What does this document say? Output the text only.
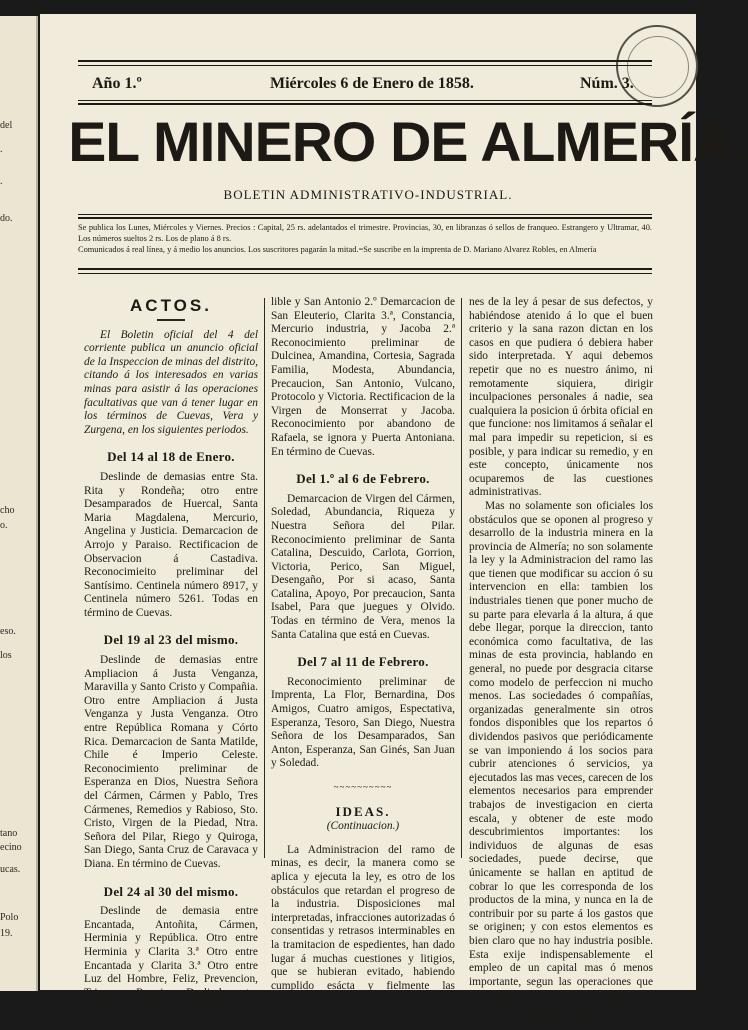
del
.
.
do.
cho
o.
eso.
los
tano
ecino
ucas.
Polo
19.
Año 1.º	Miércoles 6 de Enero de 1858.	Núm. 3.
EL MINERO DE ALMERÍA.
BOLETIN ADMINISTRATIVO-INDUSTRIAL.

Se publica los Lunes, Miércoles y Viernes. Precios : Capital, 25 rs. adelantados el trimestre. Provincias, 30, en libranzas ó sellos de franqueo. Estrangero y Ultramar, 40. Los números sueltos 2 rs. Los de plano á 8 rs.

Comunicados á real línea, y á medio los anuncios. Los suscritores pagarán la mitad.=Se suscribe en la imprenta de D. Mariano Alvarez Robles, en Almería

ACTOS.

El Boletin oficial del 4 del corriente publica un anuncio oficial de la Inspeccion de minas del distrito, citando á los interesados en varias minas para asistir á las operaciones facultativas que van á tener lugar en los términos de Cuevas, Vera y Zurgena, en los siguientes periodos.

Del 14 al 18 de Enero.

Deslinde de demasias entre Sta. Rita y Rondeña; otro entre Desamparados de Huercal, Santa Maria Magdalena, Mercurio, Angelina y Justicia. Demarcacion de Arrojo y Paraiso. Rectificacion de Observacion á Castadiva. Reconocimieito preliminar del Santísimo. Centinela número 8917, y Centinela número 5261. Todas en término de Cuevas.

Del 19 al 23 del mismo.

Deslinde de demasias entre Ampliacion á Justa Venganza, Maravilla y Santo Cristo y Compañia. Otro entre Ampliacion á Justa Venganza y Justa Venganza. Otro entre República Romana y Córto Rica. Demarcacion de Santa Matilde, Chile é Imperio Celeste. Reconocimiento preliminar de Esperanza en Dios, Nuestra Señora del Cármen, Cármen y Pablo, Tres Cármenes, Remedios y Rabioso, Sto. Cristo, Virgen de la Piedad, Ntra. Señora del Pilar, Riego y Quiroga, San Diego, Santa Cruz de Caravaca y Diana. En término de Cuevas.

Del 24 al 30 del mismo.

Deslinde de demasia entre Encantada, Antoñita, Cármen, Herminia y República. Otro entre Herminia y Clarita 3.ª Otro entre Encantada y Clarita 3.ª Otro entre Luz del Hombre, Feliz, Prevencion, Triana y Reunion. Deslinde entre varias minas de la empresa Infa-

lible y San Antonio 2.º Demarcacion de San Eleuterio, Clarita 3.ª, Constancia, Mercurio industria, y Jacoba 2.ª Reconocimiento preliminar de Dulcinea, Amandina, Cortesia, Sagrada Familia, Modesta, Abundancia, Precaucion, San Antonio, Vulcano, Protocolo y Victoria. Rectificacion de la Virgen de Monserrat y Jacoba. Reconocimiento por abandono de Rafaela, se ignora y Puerta Antoniana. En término de Cuevas.

Del 1.º al 6 de Febrero.

Demarcacion de Virgen del Cármen, Soledad, Abundancia, Riqueza y Nuestra Señora del Pilar. Reconocimiento preliminar de Santa Catalina, Descuido, Carlota, Gorrion, Victoria, Perico, San Miguel, Desengaño, Por si acaso, Santa Catalina, Apoyo, Por precaucion, Santa Isabel, Para que juegues y Olvido. Todas en término de Vera, menos la Santa Catalina que está en Cuevas.

Del 7 al 11 de Febrero.

Reconocimiento preliminar de Imprenta, La Flor, Bernardina, Dos Amigos, Cuatro amigos, Espectativa, Esperanza, Tesoro, San Diego, Nuestra Señora de los Desamparados, San Anton, Esperanza, San Ginés, San Juan y Soledad.

~~~~~~~~~~
IDEAS.
(Continuacion.)

La Administracion del ramo de minas, es decir, la manera como se aplica y ejecuta la ley, es otro de los obstáculos que retardan el progreso de la industria. Disposiciones mal interpretadas, infracciones autorizadas ó consentidas y retrasos interminables en la tramitacion de espedientes, han dado lugar á muchas cuestiones y litigios, que se hubieran evitado, habiendo cumplido esácta y fielmente las prescripcio-

nes de la ley á pesar de sus defectos, y habiéndose atenido á lo que el buen criterio y la sana razon dictan en los casos en que pudiera ó debiera haber sido interpretada. Y aqui debemos repetir que no es nuestro ánimo, ni remotamente siquiera, dirigir inculpaciones personales á nadie, sea cualquiera la posicion ú órbita oficial en que funcione: nos limitamos á señalar el mal para impedir su repeticion, si es posible, y para indicar su remedio, y en este concepto, únicamente nos ocuparemos de las cuestiones administrativas.

Mas no solamente son oficiales los obstáculos que se oponen al progreso y desarrollo de la industria minera en la provincia de Almería; no son solamente la ley y la Administracion del ramo las que tienen que modificar su accion ó su intervencion en ella: tambien los industriales tienen que poner mucho de su parte para elevarla á la altura, á que debe llegar, porque la direccion, tanto económica como facultativa, de las minas de esta provincia, hablando en general, no puede por desgracia citarse como modelo de perfeccion ni mucho menos. Las sociedades ó compañías, organizadas generalmente sin otros fondos disponibles que los repartos ó dividendos pasivos que periódicamente se van imponiendo á los socios para cubrir atenciones ó servicios, ya ejecutados las mas veces, carecen de los elementos necesarios para emprender trabajos de investigacion en cierta escala, y obtener de este modo descubrimientos importantes: los individuos de algunas de esas sociedades, puede decirse, que únicamente se hallan en aptitud de cobrar lo que les corresponda de los productos de la mina, y nunca en la de contribuir por su parte á los gastos que se originen; y con estos elementos es bien claro que no hay industria posible. Esta exije indispensablemente el empleo de un capital mas ó menos importante, segun las operaciones que la sociedad ó empresa se proponga, y de él no hay razon para esperar sino un interés ó rendimiento anual, mas alto
